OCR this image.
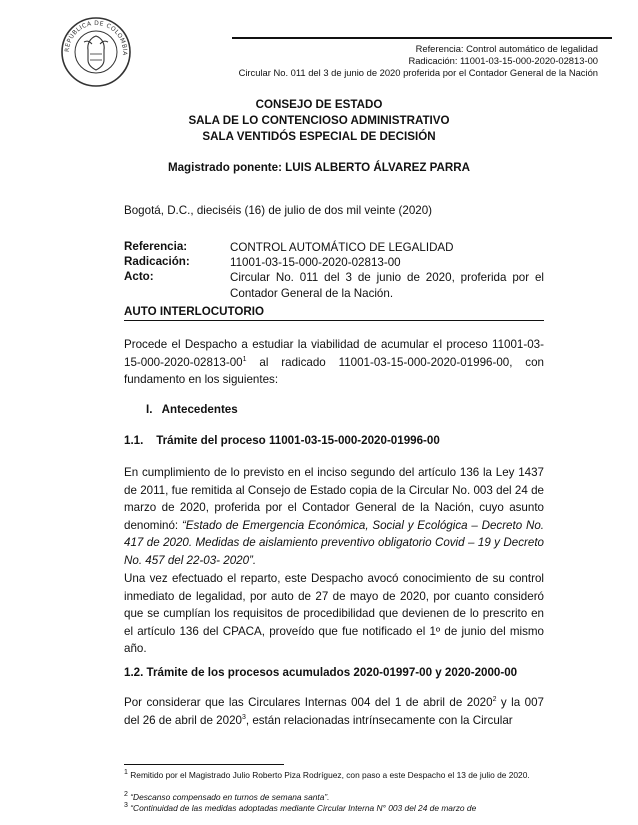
REPÚBLICA DE COLOMBIA	Referencia: Control automático de legalidad
Radicación: 11001-03-15-000-2020-02813-00
Circular No. 011 del 3 de junio de 2020 proferida por el Contador General de la Nación
CONSEJO DE ESTADO
SALA DE LO CONTENCIOSO ADMINISTRATIVO
SALA VENTIDÓS ESPECIAL DE DECISIÓN
Magistrado ponente: LUIS ALBERTO ÁLVAREZ PARRA
Bogotá, D.C., dieciséis (16) de julio de dos mil veinte (2020)
Referencia:	CONTROL AUTOMÁTICO DE LEGALIDAD
Radicación:	11001-03-15-000-2020-02813-00
Acto:	Circular No. 011 del 3 de junio de 2020, proferida por el Contador General de la Nación.
AUTO INTERLOCUTORIO
Procede el Despacho a estudiar la viabilidad de acumular el proceso $11001-03-15-000-2020-02813-00^1$ al radicado 11001-03-15-000-2020-01996-00, con fundamento en los siguientes:
I.   Antecedentes
1.1.    Trámite del proceso 11001-03-15-000-2020-01996-00
En cumplimiento de lo previsto en el inciso segundo del artículo 136 la Ley 1437 de 2011, fue remitida al Consejo de Estado copia de la Circular No. 003 del 24 de marzo de 2020, proferida por el Contador General de la Nación, cuyo asunto denominó: “Estado de Emergencia Económica, Social y Ecológica – Decreto No. 417 de 2020. Medidas de aislamiento preventivo obligatorio Covid – 19 y Decreto No. 457 del 22-03- 2020”.
Una vez efectuado el reparto, este Despacho avocó conocimiento de su control inmediato de legalidad, por auto de 27 de mayo de 2020, por cuanto consideró que se cumplían los requisitos de procedibilidad que devienen de lo prescrito en el artículo 136 del CPACA, proveído que fue notificado el 1º de junio del mismo año.
1.2. Trámite de los procesos acumulados 2020-01997-00 y 2020-2000-00
Por considerar que las Circulares Internas 004 del 1 de abril de 2020$^2$ y la 007 del 26 de abril de 2020$^3$, están relacionadas intrínsecamente con la Circular
$^1$ Remitido por el Magistrado Julio Roberto Piza Rodríguez, con paso a este Despacho el 13 de julio de 2020.
$^2$ “Descanso compensado en turnos de semana santa”.
$^3$ “Continuidad de las medidas adoptadas mediante Circular Interna N° 003 del 24 de marzo de
